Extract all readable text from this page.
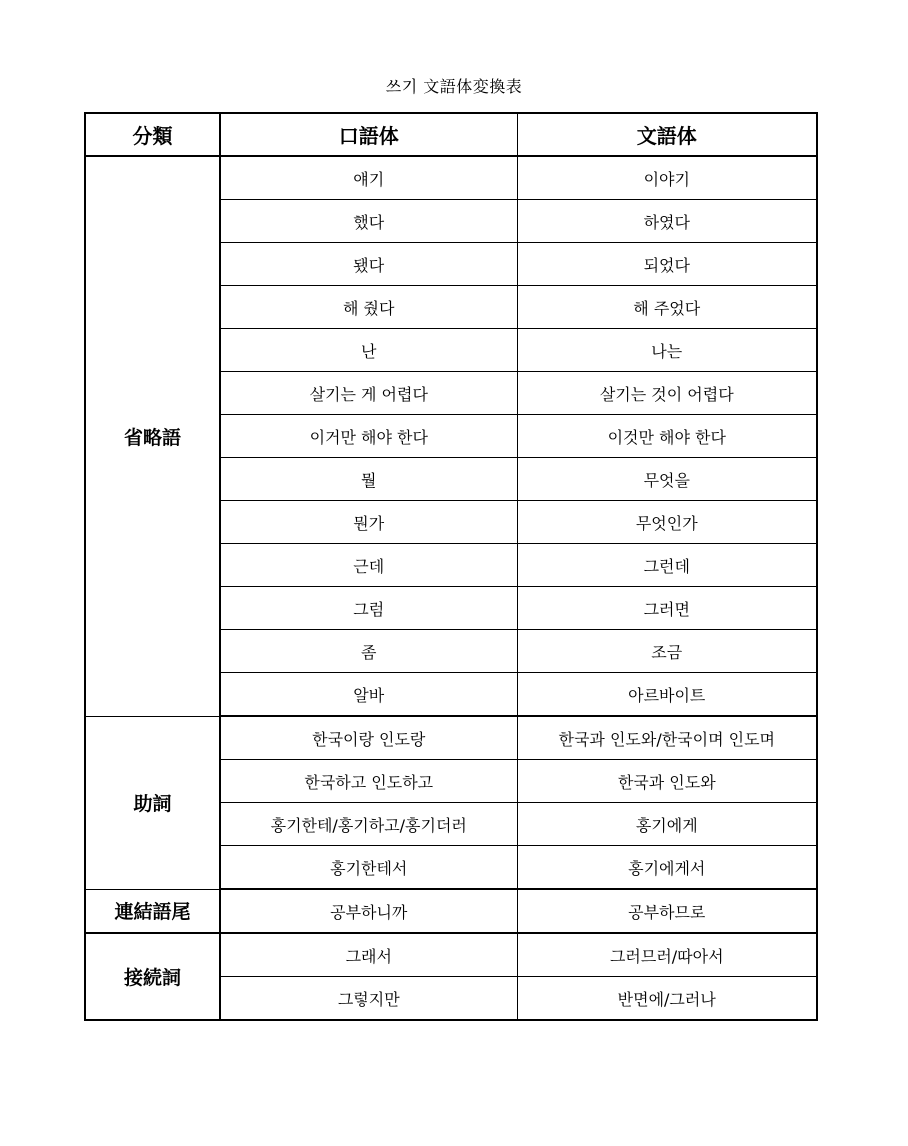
쓰기 文語体変換表
分類	口語体	文語体
省略語	얘기	이야기
	했다	하였다
	됐다	되었다
	해 줬다	해 주었다
	난	나는
	살기는 게 어렵다	살기는 것이 어렵다
	이거만 해야 한다	이것만 해야 한다
	뭘	무엇을
	뭔가	무엇인가
	근데	그런데
	그럼	그러면
	좀	조금
	알바	아르바이트
助詞	한국이랑 인도랑	한국과 인도와/한국이며 인도며
	한국하고 인도하고	한국과 인도와
	홍기한테/홍기하고/홍기더러	홍기에게
	홍기한테서	홍기에게서
連結語尾	공부하니까	공부하므로
接続詞	그래서	그러므러/따아서
	그렇지만	반면에/그러나
